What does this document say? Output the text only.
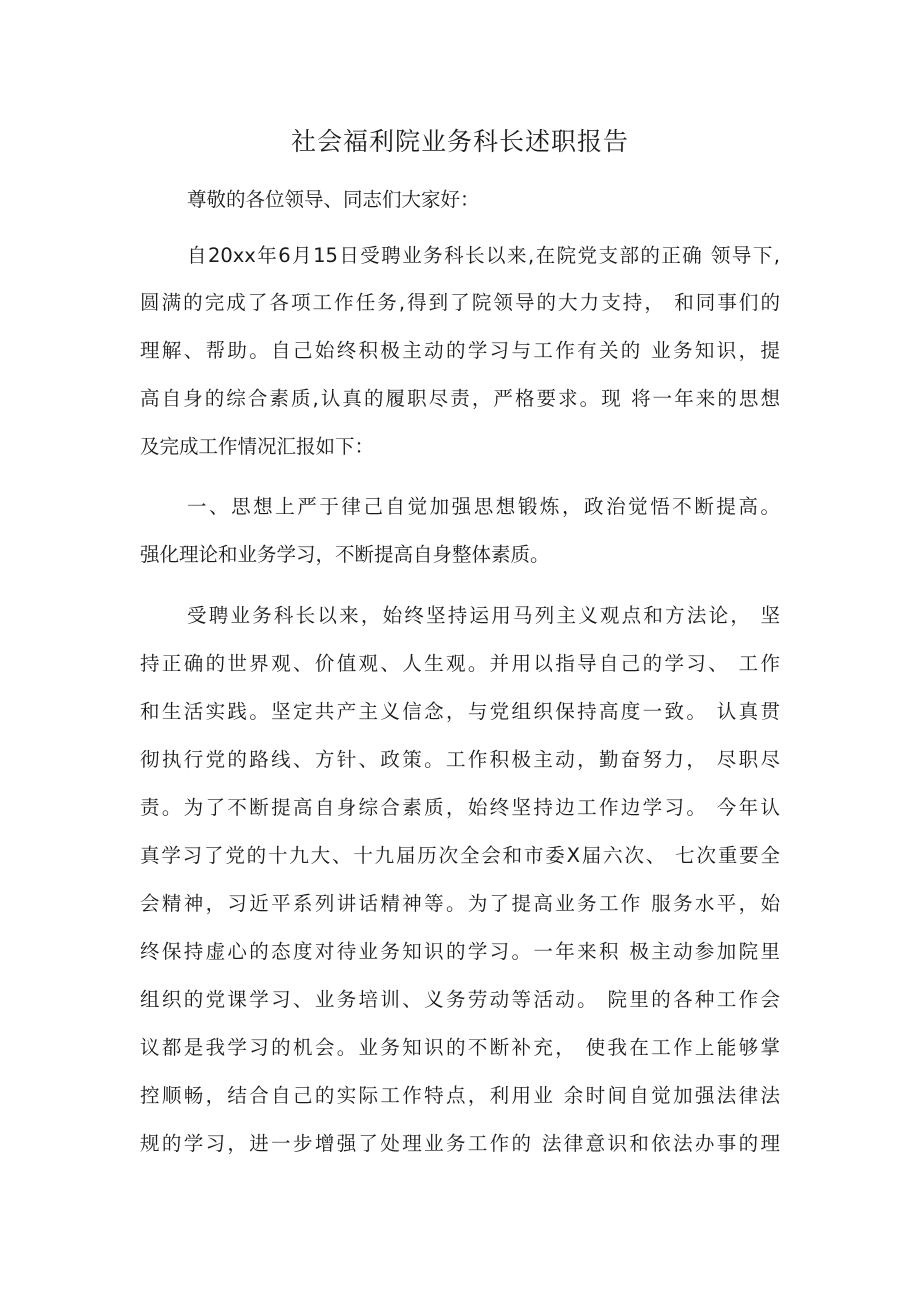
社会福利院业务科长述职报告

尊敬的各位领导、同志们大家好：

自20xx年6月15日受聘业务科长以来,在院党支部的正确 领导下,

圆满的完成了各项工作任务,得到了院领导的大力支持， 和同事们的

理解、帮助。自己始终积极主动的学习与工作有关的 业务知识，提

高自身的综合素质,认真的履职尽责，严格要求。现 将一年来的思想

及完成工作情况汇报如下：

一、思想上严于律己自觉加强思想锻炼，政治觉悟不断提高。

强化理论和业务学习，不断提高自身整体素质。

受聘业务科长以来，始终坚持运用马列主义观点和方法论， 坚

持正确的世界观、价值观、人生观。并用以指导自己的学习、 工作

和生活实践。坚定共产主义信念，与党组织保持高度一致。 认真贯

彻执行党的路线、方针、政策。工作积极主动，勤奋努力， 尽职尽

责。为了不断提高自身综合素质，始终坚持边工作边学习。 今年认

真学习了党的十九大、十九届历次全会和市委X届六次、 七次重要全

会精神，习近平系列讲话精神等。为了提高业务工作 服务水平，始

终保持虚心的态度对待业务知识的学习。一年来积 极主动参加院里

组织的党课学习、业务培训、义务劳动等活动。 院里的各种工作会

议都是我学习的机会。业务知识的不断补充， 使我在工作上能够掌

控顺畅，结合自己的实际工作特点，利用业 余时间自觉加强法律法

规的学习，进一步增强了处理业务工作的 法律意识和依法办事的理
